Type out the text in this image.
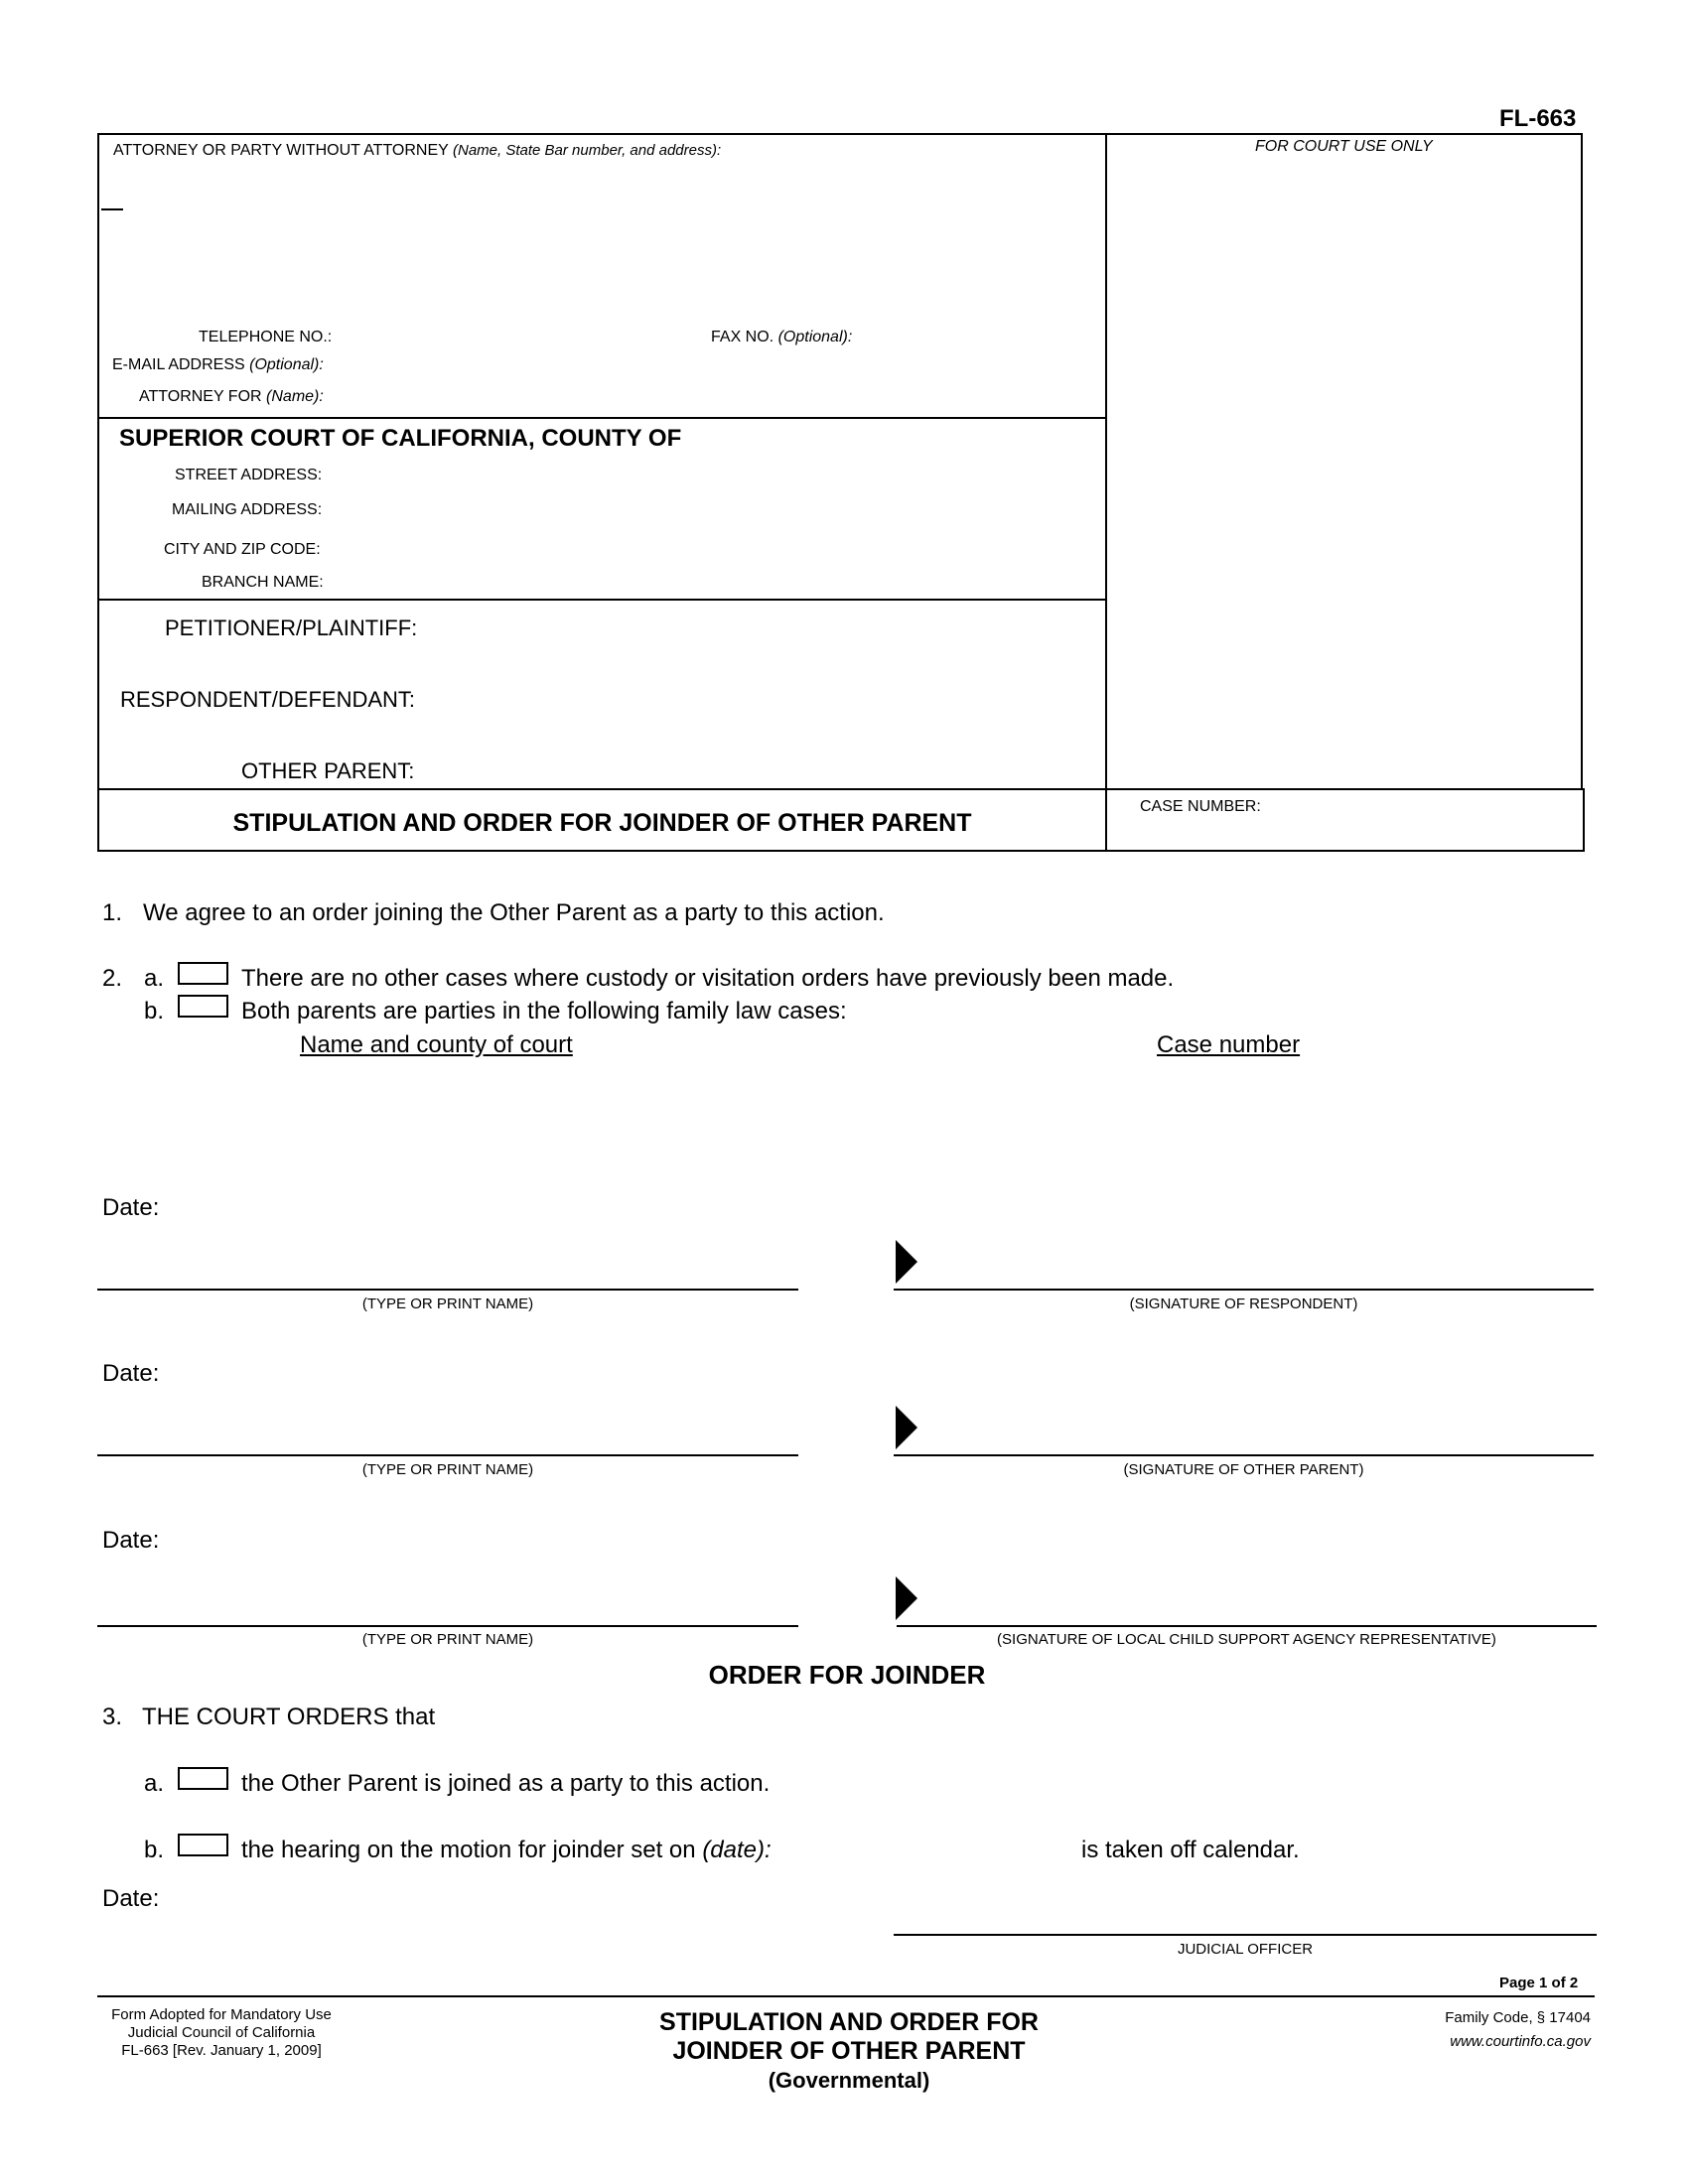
FL-663
ATTORNEY OR PARTY WITHOUT ATTORNEY (Name, State Bar number, and address):	FOR COURT USE ONLY
TELEPHONE NO.:	FAX NO. (Optional):
E-MAIL ADDRESS (Optional):
ATTORNEY FOR (Name):
SUPERIOR COURT OF CALIFORNIA, COUNTY OF
STREET ADDRESS:
MAILING ADDRESS:
CITY AND ZIP CODE:
BRANCH NAME:
PETITIONER/PLAINTIFF:
RESPONDENT/DEFENDANT:
OTHER PARENT:
STIPULATION AND ORDER FOR JOINDER OF OTHER PARENT
CASE NUMBER:
1. We agree to an order joining the Other Parent as a party to this action.
2. a.	There are no other cases where custody or visitation orders have previously been made.
b.	Both parents are parties in the following family law cases:
Name and county of court	Case number
Date:
(TYPE OR PRINT NAME)	(SIGNATURE OF RESPONDENT)
Date:
(TYPE OR PRINT NAME)	(SIGNATURE OF OTHER PARENT)
Date:
(TYPE OR PRINT NAME)	(SIGNATURE OF LOCAL CHILD SUPPORT AGENCY REPRESENTATIVE)
ORDER FOR JOINDER
3. THE COURT ORDERS that
a.	the Other Parent is joined as a party to this action.
b.	the hearing on the motion for joinder set on (date):	is taken off calendar.
Date:
JUDICIAL OFFICER
Page 1 of 2
Form Adopted for Mandatory Use
Judicial Council of California
FL-663 [Rev. January 1, 2009]
STIPULATION AND ORDER FOR
JOINDER OF OTHER PARENT
(Governmental)
Family Code, § 17404
www.courtinfo.ca.gov
